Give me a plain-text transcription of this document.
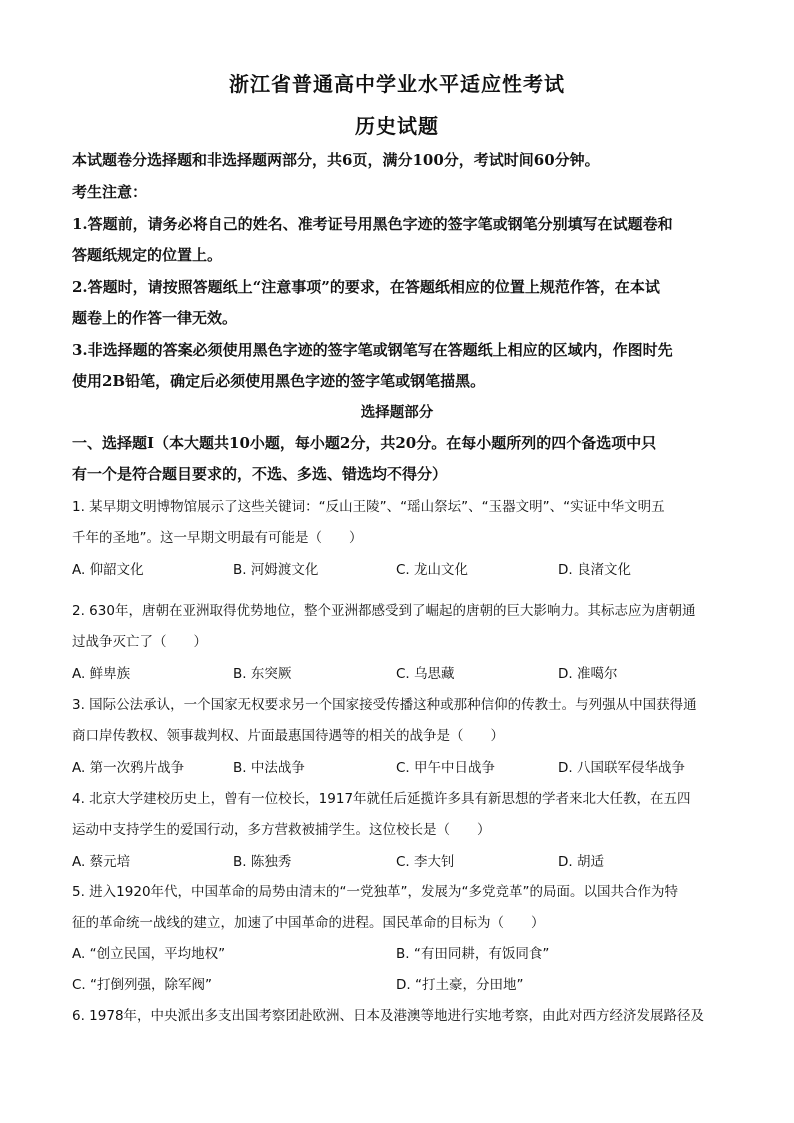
浙江省普通高中学业水平适应性考试
历史试题
本试题卷分选择题和非选择题两部分，共6页，满分100分，考试时间60分钟。
考生注意：
1.答题前，请务必将自己的姓名、准考证号用黑色字迹的签字笔或钢笔分别填写在试题卷和
答题纸规定的位置上。
2.答题时，请按照答题纸上“注意事项”的要求，在答题纸相应的位置上规范作答，在本试
题卷上的作答一律无效。
3.非选择题的答案必须使用黑色字迹的签字笔或钢笔写在答题纸上相应的区域内，作图时先
使用2B铅笔，确定后必须使用黑色字迹的签字笔或钢笔描黑。
选择题部分
一、选择题Ⅰ（本大题共10小题，每小题2分，共20分。在每小题所列的四个备选项中只
有一个是符合题目要求的，不选、多选、错选均不得分）
1. 某早期文明博物馆展示了这些关键词：“反山王陵”、“瑶山祭坛”、“玉器文明”、“实证中华文明五
千年的圣地”。这一早期文明最有可能是（　　）
A. 仰韶文化	B. 河姆渡文化	C. 龙山文化	D. 良渚文化
2. 630年，唐朝在亚洲取得优势地位，整个亚洲都感受到了崛起的唐朝的巨大影响力。其标志应为唐朝通
过战争灭亡了（　　）
A. 鲜卑族	B. 东突厥	C. 乌思藏	D. 准噶尔
3. 国际公法承认，一个国家无权要求另一个国家接受传播这种或那种信仰的传教士。与列强从中国获得通
商口岸传教权、领事裁判权、片面最惠国待遇等的相关的战争是（　　）
A. 第一次鸦片战争	B. 中法战争	C. 甲午中日战争	D. 八国联军侵华战争
4. 北京大学建校历史上，曾有一位校长，1917年就任后延揽许多具有新思想的学者来北大任教，在五四
运动中支持学生的爱国行动，多方营救被捕学生。这位校长是（　　）
A. 蔡元培	B. 陈独秀	C. 李大钊	D. 胡适
5. 进入1920年代，中国革命的局势由清末的“一党独革”，发展为“多党竞革”的局面。以国共合作为特
征的革命统一战线的建立，加速了中国革命的进程。国民革命的目标为（　　）
A. “创立民国，平均地权”	B. “有田同耕，有饭同食”
C. “打倒列强，除军阀”	D. “打土豪，分田地”
6. 1978年，中央派出多支出国考察团赴欧洲、日本及港澳等地进行实地考察，由此对西方经济发展路径及
